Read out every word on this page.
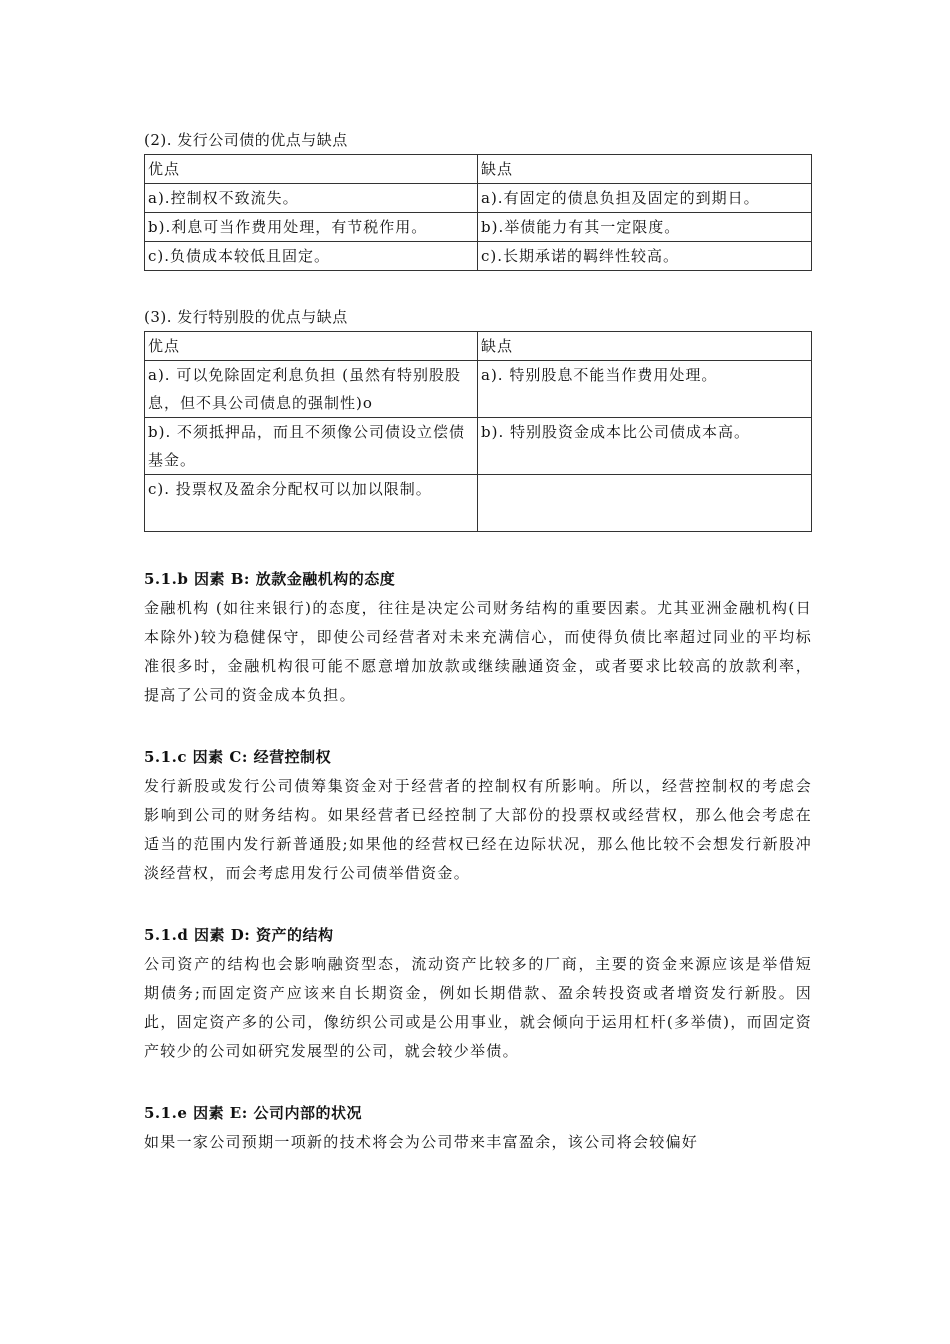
(2). 发行公司债的优点与缺点
优点	缺点
a).控制权不致流失。	a).有固定的债息负担及固定的到期日。
b).利息可当作费用处理，有节税作用。	b).举债能力有其一定限度。
c).负债成本较低且固定。	c).长期承诺的羁绊性较高。
(3). 发行特别股的优点与缺点
优点	缺点
a). 可以免除固定利息负担 (虽然有特别股股息，但不具公司债息的强制性)o	a). 特别股息不能当作费用处理。
b). 不须抵押品，而且不须像公司债设立偿债基金。	b). 特别股资金成本比公司债成本高。
c). 投票权及盈余分配权可以加以限制。	
5.1.b 因素 B: 放款金融机构的态度
金融机构 (如往来银行)的态度，往往是决定公司财务结构的重要因素。尤其亚洲金融机构(日本除外)较为稳健保守，即使公司经营者对未来充满信心，而使得负债比率超过同业的平均标准很多时，金融机构很可能不愿意增加放款或继续融通资金，或者要求比较高的放款利率，提高了公司的资金成本负担。
5.1.c 因素 C: 经营控制权
发行新股或发行公司债筹集资金对于经营者的控制权有所影响。所以，经营控制权的考虑会影响到公司的财务结构。如果经营者已经控制了大部份的投票权或经营权，那么他会考虑在适当的范围内发行新普通股;如果他的经营权已经在边际状况，那么他比较不会想发行新股冲淡经营权，而会考虑用发行公司债举借资金。
5.1.d 因素 D: 资产的结构
公司资产的结构也会影响融资型态，流动资产比较多的厂商，主要的资金来源应该是举借短期债务;而固定资产应该来自长期资金，例如长期借款、盈余转投资或者增资发行新股。因此，固定资产多的公司，像纺织公司或是公用事业，就会倾向于运用杠杆(多举债)，而固定资产较少的公司如研究发展型的公司，就会较少举债。
5.1.e 因素 E: 公司内部的状况
如果一家公司预期一项新的技术将会为公司带来丰富盈余，该公司将会较偏好
